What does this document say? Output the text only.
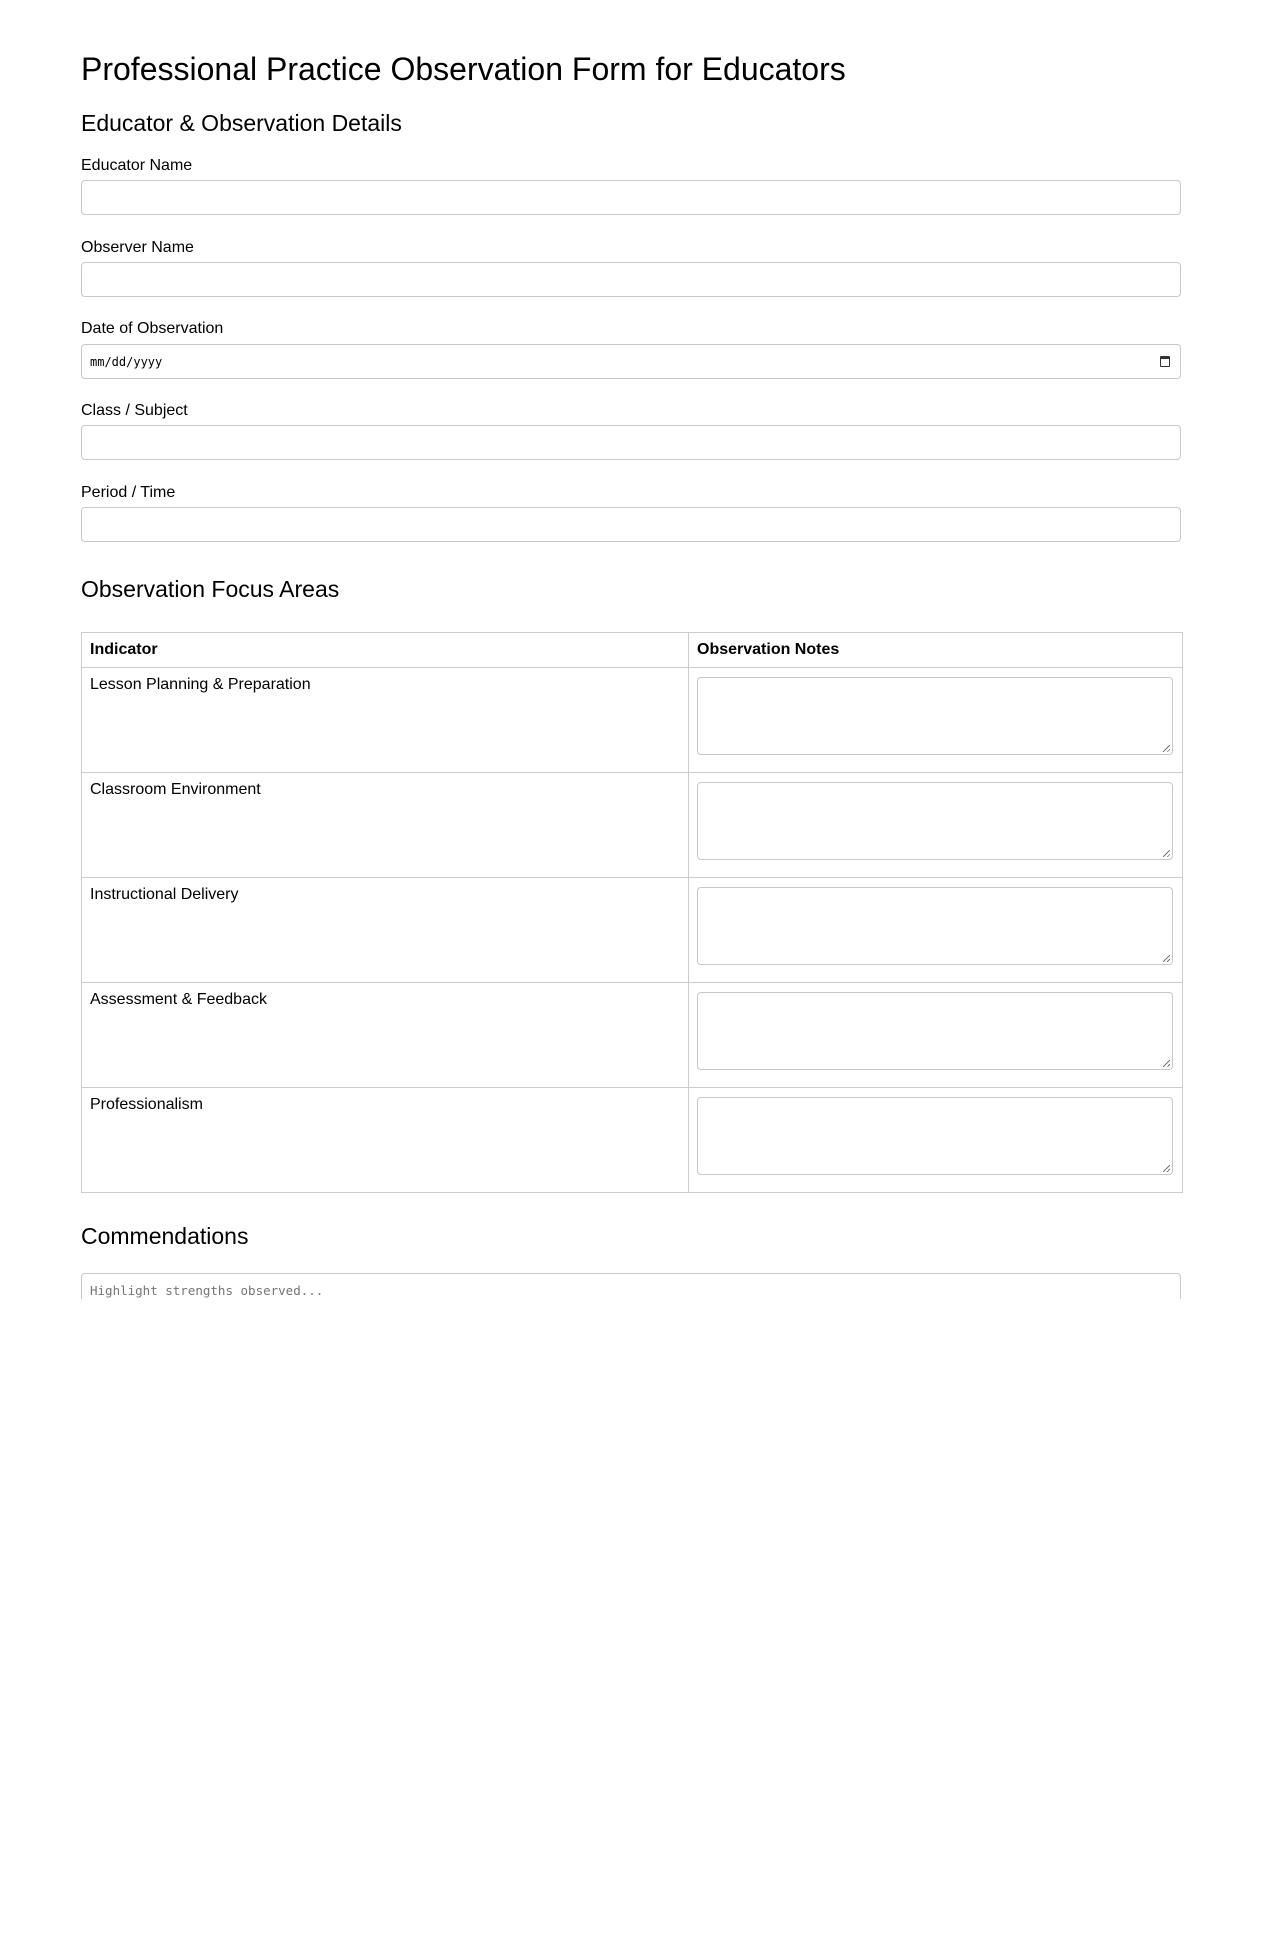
Professional Practice Observation Form for Educators
Educator & Observation Details
Educator Name
Observer Name
Date of Observation
mm/dd/yyyy
Class / Subject
Period / Time
Observation Focus Areas
Indicator	Observation Notes
Lesson Planning & Preparation	

Classroom Environment	

Instructional Delivery	

Assessment & Feedback	

Professionalism	
Commendations
Highlight strengths observed...
